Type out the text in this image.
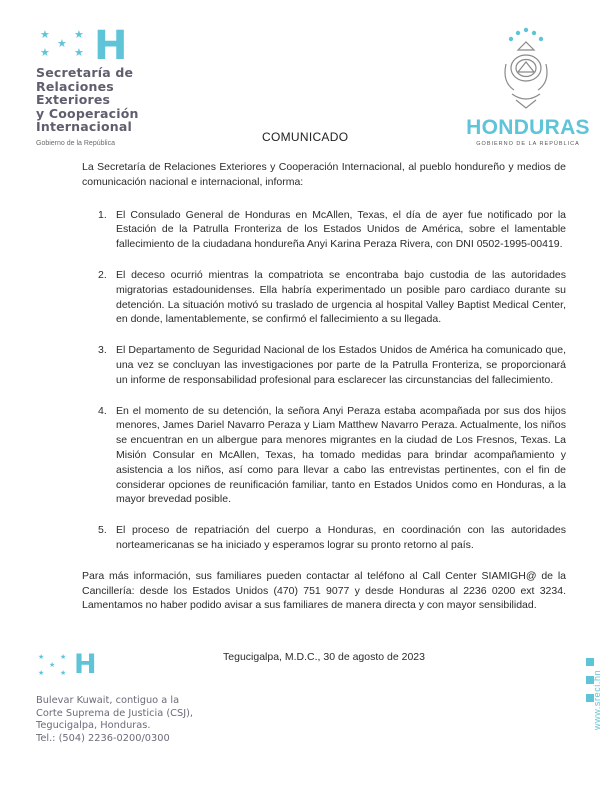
★ ★
★
★ ★ H
Secretaría de
Relaciones
Exteriores
y Cooperación
Internacional
Gobierno de la República	COMUNICADO	HONDURAS
GOBIERNO DE LA REPÚBLICA

La Secretaría de Relaciones Exteriores y Cooperación Internacional, al pueblo hondureño y medios de comunicación nacional e internacional, informa:

1. El Consulado General de Honduras en McAllen, Texas, el día de ayer fue notificado por la Estación de la Patrulla Fronteriza de los Estados Unidos de América, sobre el lamentable fallecimiento de la ciudadana hondureña Anyi Karina Peraza Rivera, con DNI 0502-1995-00419.
2. El deceso ocurrió mientras la compatriota se encontraba bajo custodia de las autoridades migratorias estadounidenses. Ella habría experimentado un posible paro cardiaco durante su detención. La situación motivó su traslado de urgencia al hospital Valley Baptist Medical Center, en donde, lamentablemente, se confirmó el fallecimiento a su llegada.
3. El Departamento de Seguridad Nacional de los Estados Unidos de América ha comunicado que, una vez se concluyan las investigaciones por parte de la Patrulla Fronteriza, se proporcionará un informe de responsabilidad profesional para esclarecer las circunstancias del fallecimiento.
4. En el momento de su detención, la señora Anyi Peraza estaba acompañada por sus dos hijos menores, James Dariel Navarro Peraza y Liam Matthew Navarro Peraza. Actualmente, los niños se encuentran en un albergue para menores migrantes en la ciudad de Los Fresnos, Texas. La Misión Consular en McAllen, Texas, ha tomado medidas para brindar acompañamiento y asistencia a los niños, así como para llevar a cabo las entrevistas pertinentes, con el fin de considerar opciones de reunificación familiar, tanto en Estados Unidos como en Honduras, a la mayor brevedad posible.
5. El proceso de repatriación del cuerpo a Honduras, en coordinación con las autoridades norteamericanas se ha iniciado y esperamos lograr su pronto retorno al país.

Para más información, sus familiares pueden contactar al teléfono al Call Center SIAMIGH@ de la Cancillería: desde los Estados Unidos (470) 751 9077 y desde Honduras al 2236 0200 ext 3234. Lamentamos no haber podido avisar a sus familiares de manera directa y con mayor sensibilidad.

Tegucigalpa, M.D.C., 30 de agosto de 2023
★ ★
★
★ ★ H
Bulevar Kuwait, contiguo a la
Corte Suprema de Justicia (CSJ),
Tegucigalpa, Honduras.
Tel.: (504) 2236-0200/0300
www.sreci.hn
